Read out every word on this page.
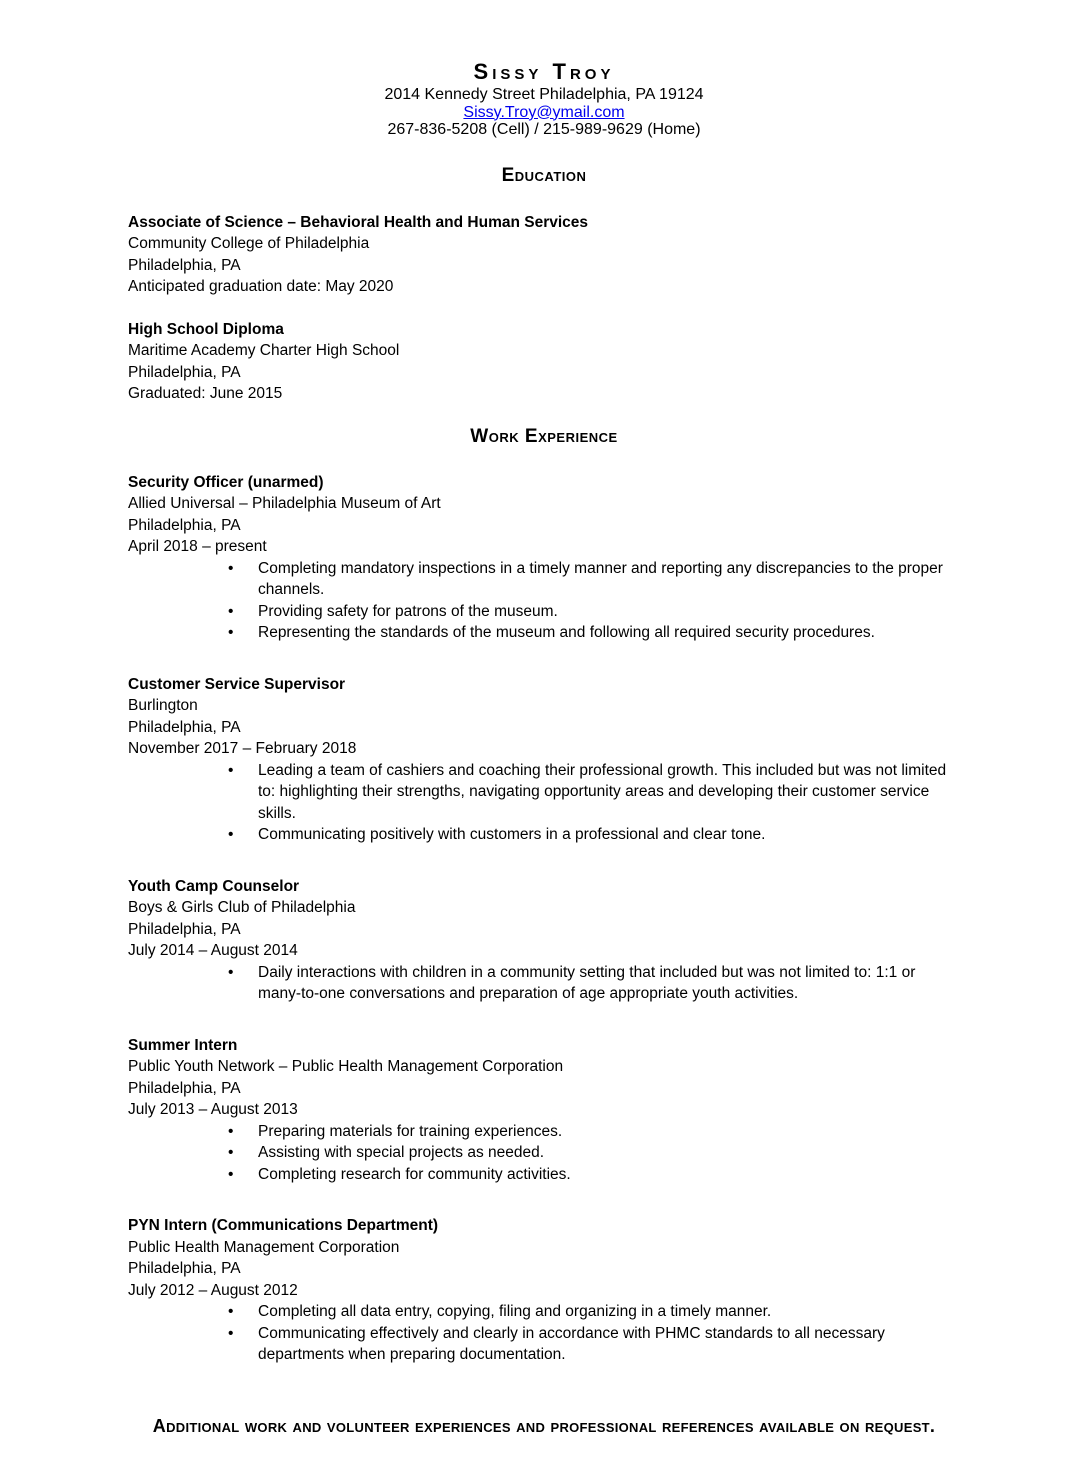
Sissy Troy
2014 Kennedy Street Philadelphia, PA 19124
Sissy.Troy@ymail.com
267-836-5208 (Cell) / 215-989-9629 (Home)
Education
Associate of Science – Behavioral Health and Human Services
Community College of Philadelphia
Philadelphia, PA
Anticipated graduation date: May 2020
High School Diploma
Maritime Academy Charter High School
Philadelphia, PA
Graduated: June 2015
Work Experience
Security Officer (unarmed)
Allied Universal – Philadelphia Museum of Art
Philadelphia, PA
April 2018 – present
• Completing mandatory inspections in a timely manner and reporting any discrepancies to the proper channels.
• Providing safety for patrons of the museum.
• Representing the standards of the museum and following all required security procedures.
Customer Service Supervisor
Burlington
Philadelphia, PA
November 2017 – February 2018
• Leading a team of cashiers and coaching their professional growth. This included but was not limited to: highlighting their strengths, navigating opportunity areas and developing their customer service skills.
• Communicating positively with customers in a professional and clear tone.
Youth Camp Counselor
Boys & Girls Club of Philadelphia
Philadelphia, PA
July 2014 – August 2014
• Daily interactions with children in a community setting that included but was not limited to: 1:1 or many-to-one conversations and preparation of age appropriate youth activities.
Summer Intern
Public Youth Network – Public Health Management Corporation
Philadelphia, PA
July 2013 – August 2013
• Preparing materials for training experiences.
• Assisting with special projects as needed.
• Completing research for community activities.
PYN Intern (Communications Department)
Public Health Management Corporation
Philadelphia, PA
July 2012 – August 2012
• Completing all data entry, copying, filing and organizing in a timely manner.
• Communicating effectively and clearly in accordance with PHMC standards to all necessary departments when preparing documentation.

Additional work and volunteer experiences and professional references available on request.
